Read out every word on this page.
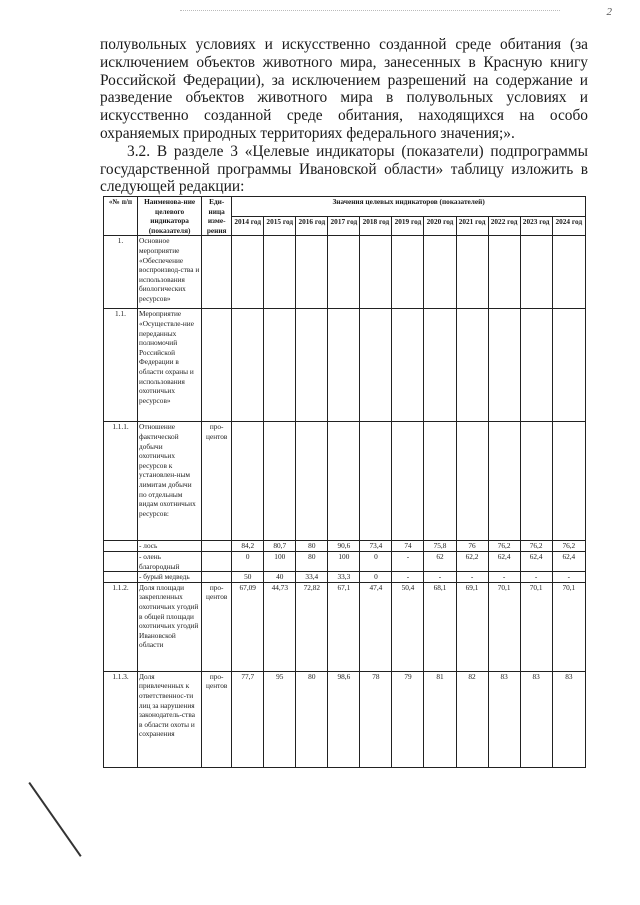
2

полувольных условиях и искусственно созданной среде обитания (за исключением объектов животного мира, занесенных в Красную книгу Российской Федерации), за исключением разрешений на содержание и разведение объектов животного мира в полувольных условиях и искусственно созданной среде обитания, находящихся на особо охраняемых природных территориях федерального значения;».

3.2. В разделе 3 «Целевые индикаторы (показатели) подпрограммы государственной программы Ивановской области» таблицу изложить в следующей редакции:

«№ п/п	Наименова-ние целевого индикатора (показателя)	Еди-ница изме-рения	Значения целевых индикаторов (показателей)										
			2014 год	2015 год	2016 год	2017 год	2018 год	2019 год	2020 год	2021 год	2022 год	2023 год	2024 год
1.	Основное мероприятие «Обеспечение воспроизвод-ства и использования биологических ресурсов»												
1.1.	Мероприятие «Осуществле-ние переданных полномочий Российской Федерации в области охраны и использования охотничьих ресурсов»												
1.1.1.	Отношение фактической добычи охотничьих ресурсов к установлен-ным лимитам добычи по отдельным видам охотничьих ресурсов:	про-центов											
	- лось		84,2	80,7	80	90,6	73,4	74	75,8	76	76,2	76,2	76,2
	- олень благородный		0	100	80	100	0	-	62	62,2	62,4	62,4	62,4
	- бурый медведь		50	40	33,4	33,3	0	-	-	-	-	-	-
1.1.2.	Доля площади закрепленных охотничьих угодий в общей площади охотничьих угодий Ивановской области	про-центов	67,09	44,73	72,82	67,1	47,4	50,4	68,1	69,1	70,1	70,1	70,1
1.1.3.	Доля привлеченных к ответственнос-ти лиц за нарушения законодатель-ства в области охоты и сохранения	про-центов	77,7	95	80	98,6	78	79	81	82	83	83	83
